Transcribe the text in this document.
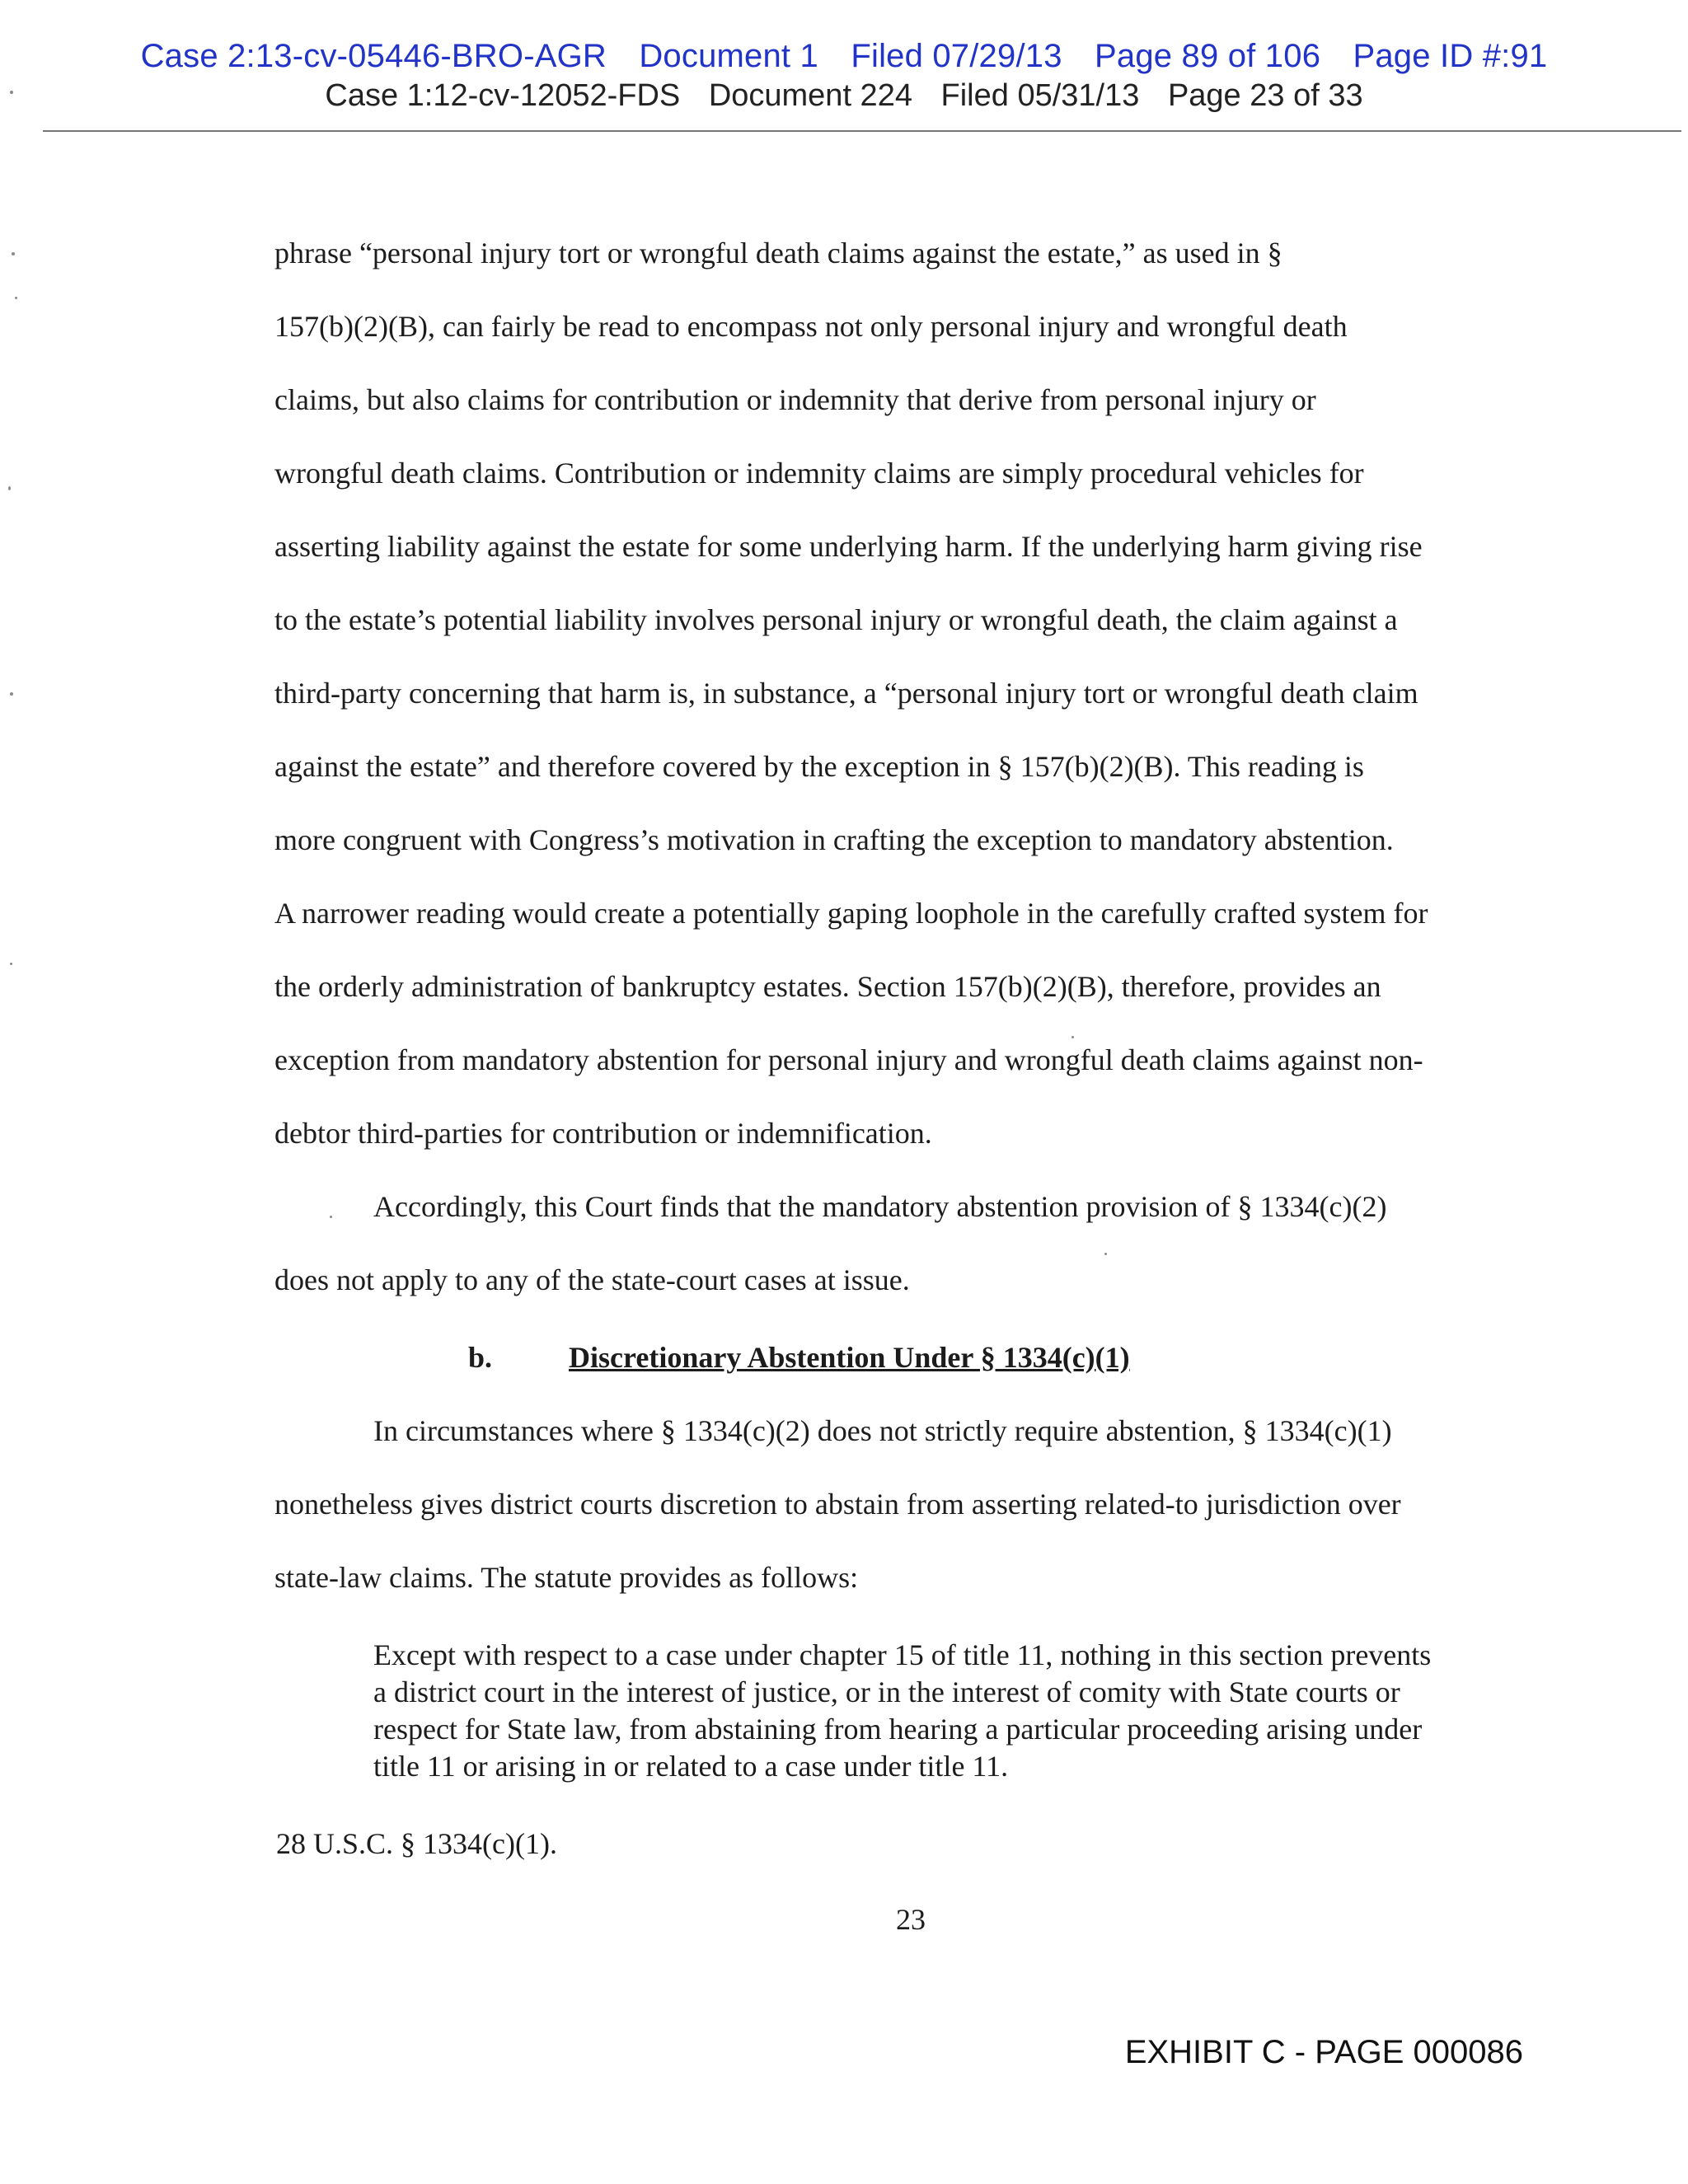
Case 2:13-cv-05446-BRO-AGR Document 1 Filed 07/29/13 Page 89 of 106 Page ID #:91
Case 1:12-cv-12052-FDS Document 224 Filed 05/31/13 Page 23 of 33
phrase “personal injury tort or wrongful death claims against the estate,” as used in §
157(b)(2)(B), can fairly be read to encompass not only personal injury and wrongful death
claims, but also claims for contribution or indemnity that derive from personal injury or
wrongful death claims. Contribution or indemnity claims are simply procedural vehicles for
asserting liability against the estate for some underlying harm. If the underlying harm giving rise
to the estate’s potential liability involves personal injury or wrongful death, the claim against a
third-party concerning that harm is, in substance, a “personal injury tort or wrongful death claim
against the estate” and therefore covered by the exception in § 157(b)(2)(B). This reading is
more congruent with Congress’s motivation in crafting the exception to mandatory abstention.
A narrower reading would create a potentially gaping loophole in the carefully crafted system for
the orderly administration of bankruptcy estates. Section 157(b)(2)(B), therefore, provides an
exception from mandatory abstention for personal injury and wrongful death claims against non-
debtor third-parties for contribution or indemnification.
Accordingly, this Court finds that the mandatory abstention provision of § 1334(c)(2)
does not apply to any of the state-court cases at issue.
b.	Discretionary Abstention Under § 1334(c)(1)
In circumstances where § 1334(c)(2) does not strictly require abstention, § 1334(c)(1)
nonetheless gives district courts discretion to abstain from asserting related-to jurisdiction over
state-law claims. The statute provides as follows:
Except with respect to a case under chapter 15 of title 11, nothing in this section prevents
a district court in the interest of justice, or in the interest of comity with State courts or
respect for State law, from abstaining from hearing a particular proceeding arising under
title 11 or arising in or related to a case under title 11.
28 U.S.C. § 1334(c)(1).
23
EXHIBIT C - PAGE 000086
